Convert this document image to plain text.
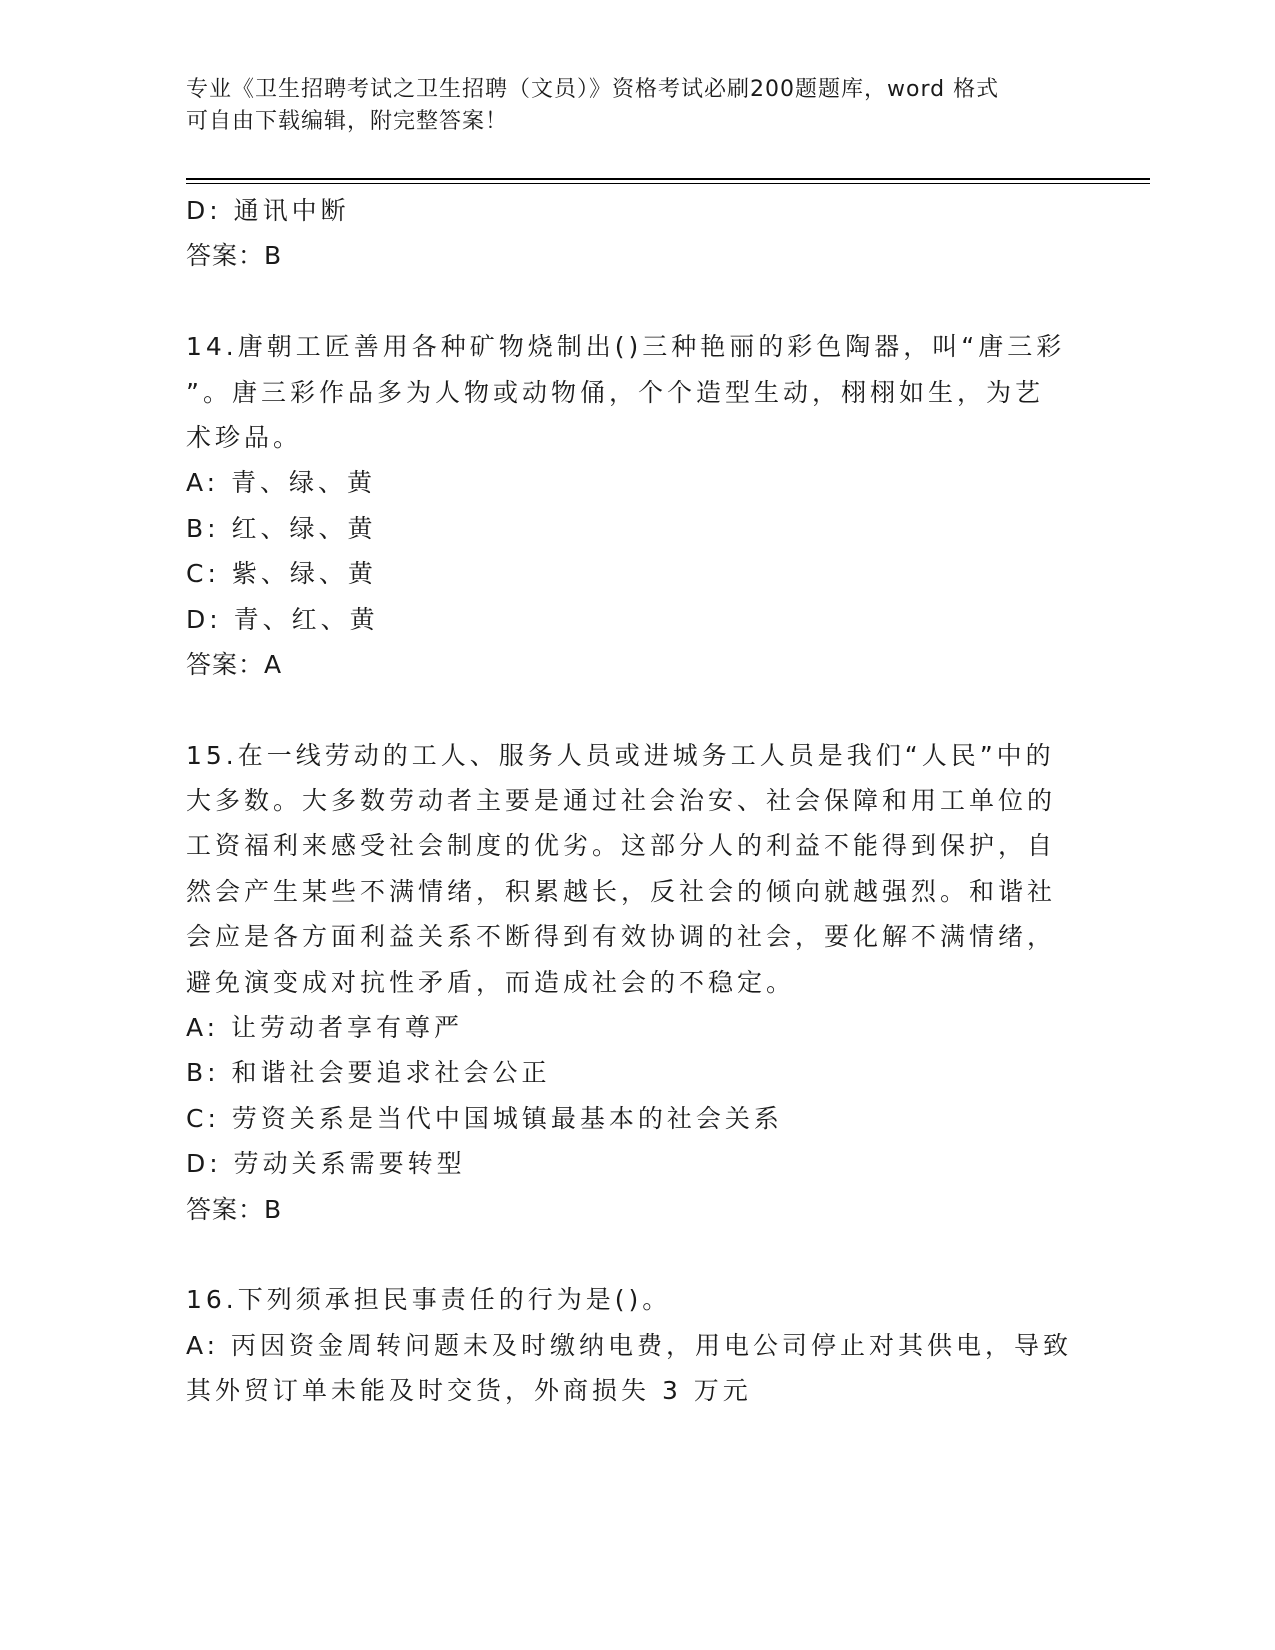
专业《卫生招聘考试之卫生招聘（文员）》资格考试必刷200题题库，word 格式
可自由下载编辑，附完整答案！
D: 通讯中断
答案：B
14.唐朝工匠善用各种矿物烧制出()三种艳丽的彩色陶器，叫“唐三彩
”。唐三彩作品多为人物或动物俑，个个造型生动，栩栩如生，为艺
术珍品。
A: 青、绿、黄
B: 红、绿、黄
C: 紫、绿、黄
D: 青、红、黄
答案：A
15.在一线劳动的工人、服务人员或进城务工人员是我们“人民”中的
大多数。大多数劳动者主要是通过社会治安、社会保障和用工单位的
工资福利来感受社会制度的优劣。这部分人的利益不能得到保护，自
然会产生某些不满情绪，积累越长，反社会的倾向就越强烈。和谐社
会应是各方面利益关系不断得到有效协调的社会，要化解不满情绪，
避免演变成对抗性矛盾，而造成社会的不稳定。
A: 让劳动者享有尊严
B: 和谐社会要追求社会公正
C: 劳资关系是当代中国城镇最基本的社会关系
D: 劳动关系需要转型
答案：B
16.下列须承担民事责任的行为是()。
A: 丙因资金周转问题未及时缴纳电费，用电公司停止对其供电，导致
其外贸订单未能及时交货，外商损失 3 万元
